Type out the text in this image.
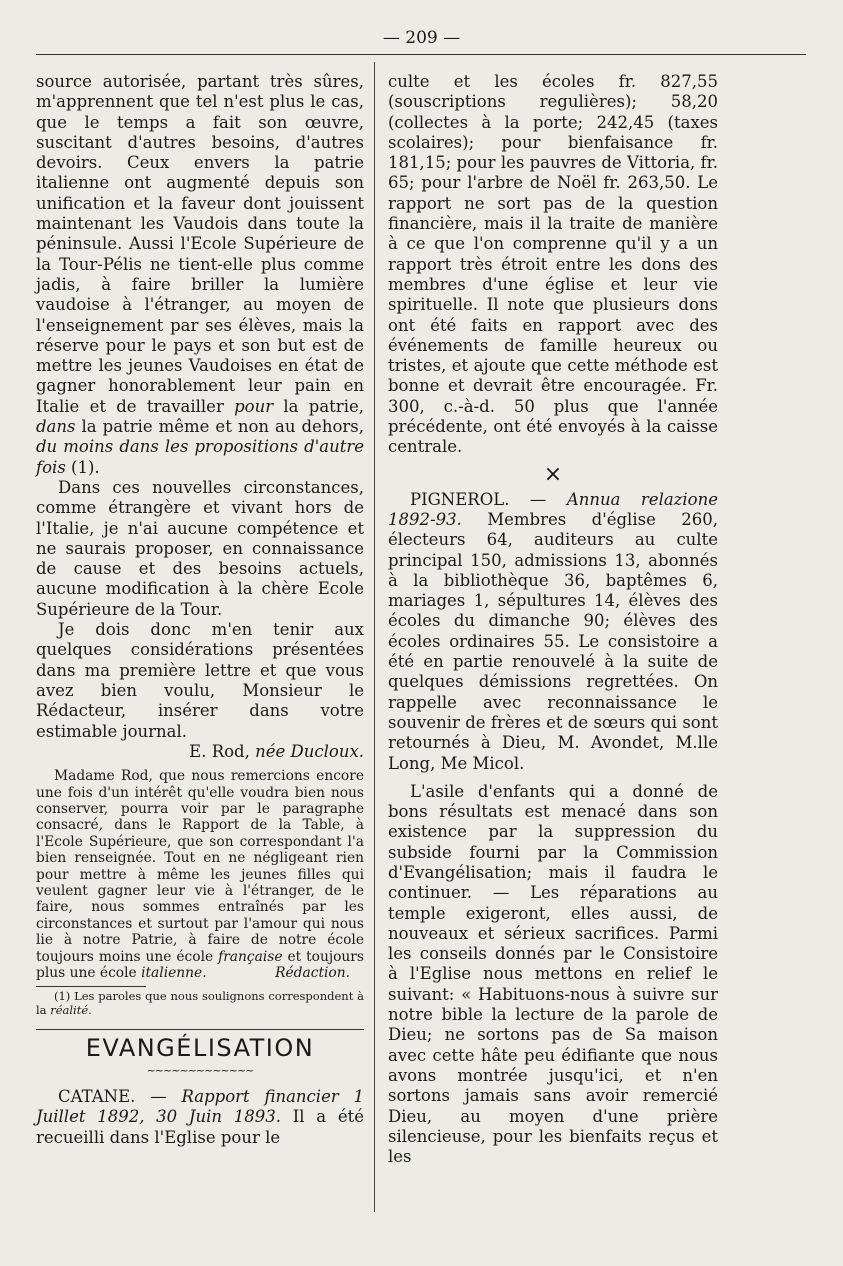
— 209 —

source autorisée, partant très sûres, m'apprennent que tel n'est plus le cas, que le temps a fait son œuvre, suscitant d'autres besoins, d'autres devoirs. Ceux envers la patrie italienne ont augmenté depuis son unification et la faveur dont jouissent maintenant les Vaudois dans toute la péninsule. Aussi l'Ecole Supérieure de la Tour-Pélis ne tient-elle plus comme jadis, à faire briller la lumière vaudoise à l'étranger, au moyen de l'enseignement par ses élèves, mais la réserve pour le pays et son but est de mettre les jeunes Vaudoises en état de gagner honorablement leur pain en Italie et de travailler pour la patrie, dans la patrie même et non au dehors, du moins dans les propositions d'autre fois (1).

Dans ces nouvelles circonstances, comme étrangère et vivant hors de l'Italie, je n'ai aucune compétence et ne saurais proposer, en connaissance de cause et des besoins actuels, aucune modification à la chère Ecole Supérieure de la Tour.

Je dois donc m'en tenir aux quelques considérations présentées dans ma première lettre et que vous avez bien voulu, Monsieur le Rédacteur, insérer dans votre estimable journal.

E. Rod, née Ducloux.

Madame Rod, que nous remercions encore une fois d'un intérêt qu'elle voudra bien nous conserver, pourra voir par le paragraphe consacré, dans le Rapport de la Table, à l'Ecole Supérieure, que son correspondant l'a bien renseignée. Tout en ne négligeant rien pour mettre à même les jeunes filles qui veulent gagner leur vie à l'étranger, de le faire, nous sommes entraînés par les circonstances et surtout par l'amour qui nous lie à notre Patrie, à faire de notre école toujours moins une école française et toujours plus une école italienne.	Rédaction.

(1) Les paroles que nous soulignons correspondent à la réalité.

EVANGÉLISATION

~~~~~~~~~~~~~

CATANE. — Rapport financier 1 Juillet 1892, 30 Juin 1893. Il a été recueilli dans l'Eglise pour le

culte et les écoles fr. 827,55 (souscriptions regulières); 58,20 (collectes à la porte; 242,45 (taxes scolaires); pour bienfaisance fr. 181,15; pour les pauvres de Vittoria, fr. 65; pour l'arbre de Noël fr. 263,50. Le rapport ne sort pas de la question financière, mais il la traite de manière à ce que l'on comprenne qu'il y a un rapport très étroit entre les dons des membres d'une église et leur vie spirituelle. Il note que plusieurs dons ont été faits en rapport avec des événements de famille heureux ou tristes, et ajoute que cette méthode est bonne et devrait être encouragée. Fr. 300, c.-à-d. 50 plus que l'année précédente, ont été envoyés à la caisse centrale.

×

PIGNEROL. — Annua relazione 1892-93. Membres d'église 260, électeurs 64, auditeurs au culte principal 150, admissions 13, abonnés à la bibliothèque 36, baptêmes 6, mariages 1, sépultures 14, élèves des écoles du dimanche 90; élèves des écoles ordinaires 55. Le consistoire a été en partie renouvelé à la suite de quelques démissions regrettées. On rappelle avec reconnaissance le souvenir de frères et de sœurs qui sont retournés à Dieu, M. Avondet, M.lle Long, Me Micol.

L'asile d'enfants qui a donné de bons résultats est menacé dans son existence par la suppression du subside fourni par la Commission d'Evangélisation; mais il faudra le continuer. — Les réparations au temple exigeront, elles aussi, de nouveaux et sérieux sacrifices. Parmi les conseils donnés par le Consistoire à l'Eglise nous mettons en relief le suivant: « Habituons-nous à suivre sur notre bible la lecture de la parole de Dieu; ne sortons pas de Sa maison avec cette hâte peu édifiante que nous avons montrée jusqu'ici, et n'en sortons jamais sans avoir remercié Dieu, au moyen d'une prière silencieuse, pour les bienfaits reçus et les
